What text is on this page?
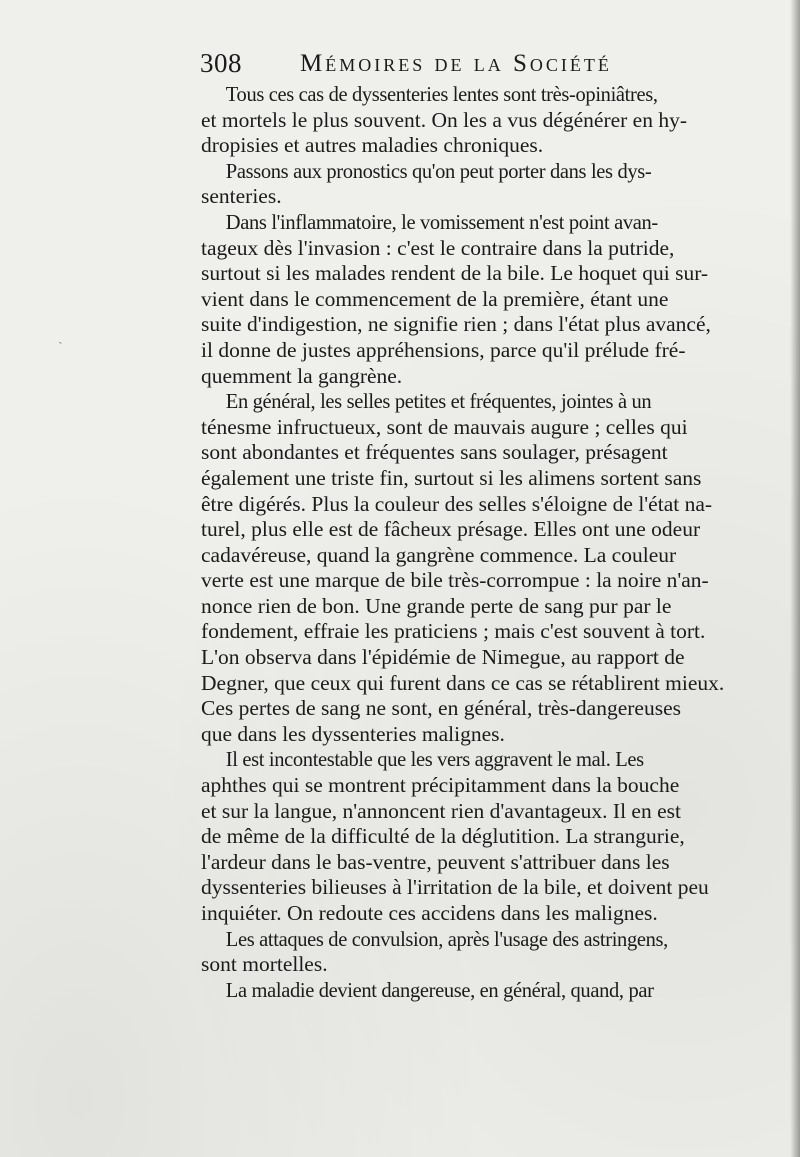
308 Mémoires de la Société
Tous ces cas de dyssenteries lentes sont très-opiniâtres,
et mortels le plus souvent. On les a vus dégénérer en hy-
dropisies et autres maladies chroniques.
Passons aux pronostics qu'on peut porter dans les dys-
senteries.
Dans l'inflammatoire, le vomissement n'est point avan-
tageux dès l'invasion : c'est le contraire dans la putride,
surtout si les malades rendent de la bile. Le hoquet qui sur-
vient dans le commencement de la première, étant une
suite d'indigestion, ne signifie rien ; dans l'état plus avancé,
il donne de justes appréhensions, parce qu'il prélude fré-
quemment la gangrène.
En général, les selles petites et fréquentes, jointes à un
ténesme infructueux, sont de mauvais augure ; celles qui
sont abondantes et fréquentes sans soulager, présagent
également une triste fin, surtout si les alimens sortent sans
être digérés. Plus la couleur des selles s'éloigne de l'état na-
turel, plus elle est de fâcheux présage. Elles ont une odeur
cadavéreuse, quand la gangrène commence. La couleur
verte est une marque de bile très-corrompue : la noire n'an-
nonce rien de bon. Une grande perte de sang pur par le
fondement, effraie les praticiens ; mais c'est souvent à tort.
L'on observa dans l'épidémie de Nimegue, au rapport de
Degner, que ceux qui furent dans ce cas se rétablirent mieux.
Ces pertes de sang ne sont, en général, très-dangereuses
que dans les dyssenteries malignes.
Il est incontestable que les vers aggravent le mal. Les
aphthes qui se montrent précipitamment dans la bouche
et sur la langue, n'annoncent rien d'avantageux. Il en est
de même de la difficulté de la déglutition. La strangurie,
l'ardeur dans le bas-ventre, peuvent s'attribuer dans les
dyssenteries bilieuses à l'irritation de la bile, et doivent peu
inquiéter. On redoute ces accidens dans les malignes.
Les attaques de convulsion, après l'usage des astringens,
sont mortelles.
La maladie devient dangereuse, en général, quand, par
ˎ
